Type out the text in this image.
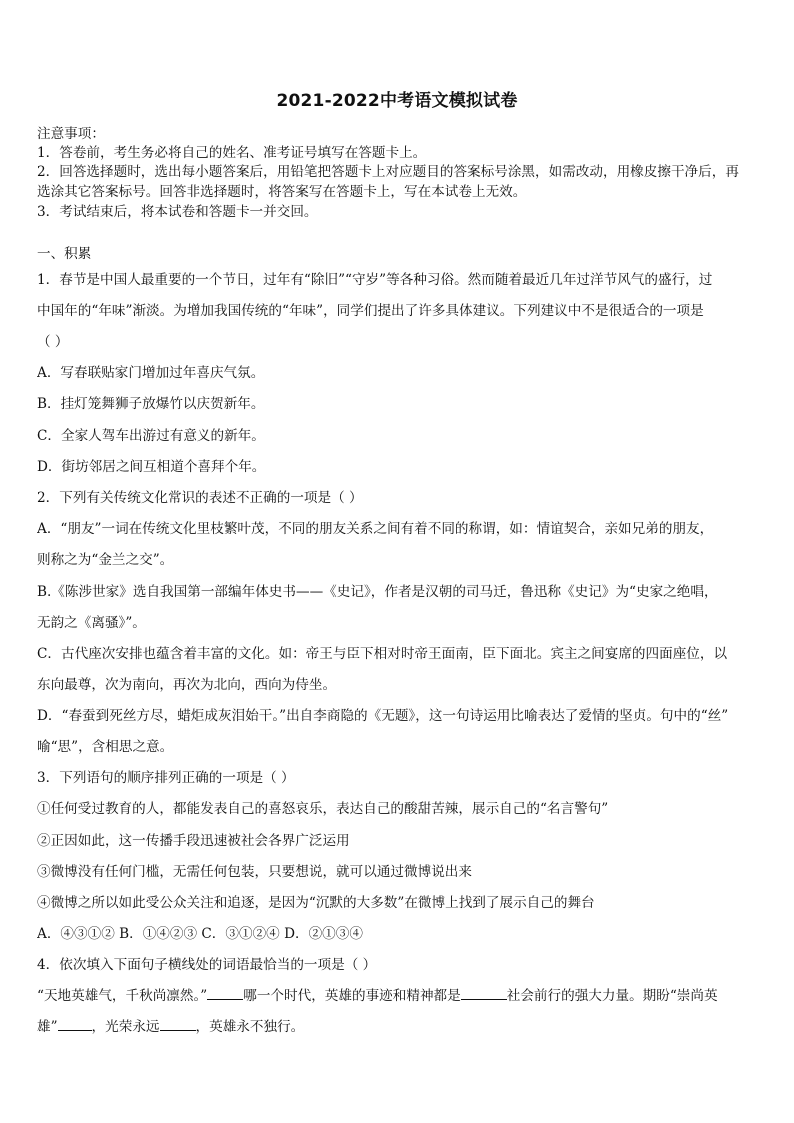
2021-2022中考语文模拟试卷
注意事项：
1．答卷前，考生务必将自己的姓名、准考证号填写在答题卡上。
2．回答选择题时，选出每小题答案后，用铅笔把答题卡上对应题目的答案标号涂黑，如需改动，用橡皮擦干净后，再
选涂其它答案标号。回答非选择题时，将答案写在答题卡上，写在本试卷上无效。
3．考试结束后，将本试卷和答题卡一并交回。
一、积累
1．春节是中国人最重要的一个节日，过年有“除旧”“守岁”等各种习俗。然而随着最近几年过洋节风气的盛行，过
中国年的“年味”渐淡。为增加我国传统的“年味”，同学们提出了许多具体建议。下列建议中不是很适合的一项是
（ ）
A．写春联贴家门增加过年喜庆气氛。
B．挂灯笼舞狮子放爆竹以庆贺新年。
C．全家人驾车出游过有意义的新年。
D．街坊邻居之间互相道个喜拜个年。
2．下列有关传统文化常识的表述不正确的一项是（ ）
A．“朋友”一词在传统文化里枝繁叶茂，不同的朋友关系之间有着不同的称谓，如：情谊契合，亲如兄弟的朋友，
则称之为“金兰之交”。
B.《陈涉世家》选自我国第一部编年体史书——《史记》，作者是汉朝的司马迁，鲁迅称《史记》为“史家之绝唱，
无韵之《离骚》”。
C．古代座次安排也蕴含着丰富的文化。如：帝王与臣下相对时帝王面南，臣下面北。宾主之间宴席的四面座位，以
东向最尊，次为南向，再次为北向，西向为侍坐。
D．“春蚕到死丝方尽，蜡炬成灰泪始干。”出自李商隐的《无题》，这一句诗运用比喻表达了爱情的坚贞。句中的“丝”
喻“思”，含相思之意。
3．下列语句的顺序排列正确的一项是（ ）
①任何受过教育的人，都能发表自己的喜怒哀乐，表达自己的酸甜苦辣，展示自己的“名言警句”
②正因如此，这一传播手段迅速被社会各界广泛运用
③微博没有任何门槛，无需任何包装，只要想说，就可以通过微博说出来
④微博之所以如此受公众关注和追逐，是因为“沉默的大多数”在微博上找到了展示自己的舞台
A．④③①② B．①④②③ C．③①②④ D．②①③④
4．依次填入下面句子横线处的词语最恰当的一项是（ ）
“天地英雄气，千秋尚凛然。”	哪一个时代，英雄的事迹和精神都是	社会前行的强大力量。期盼“崇尚英
雄”	，光荣永远	，英雄永不独行。
